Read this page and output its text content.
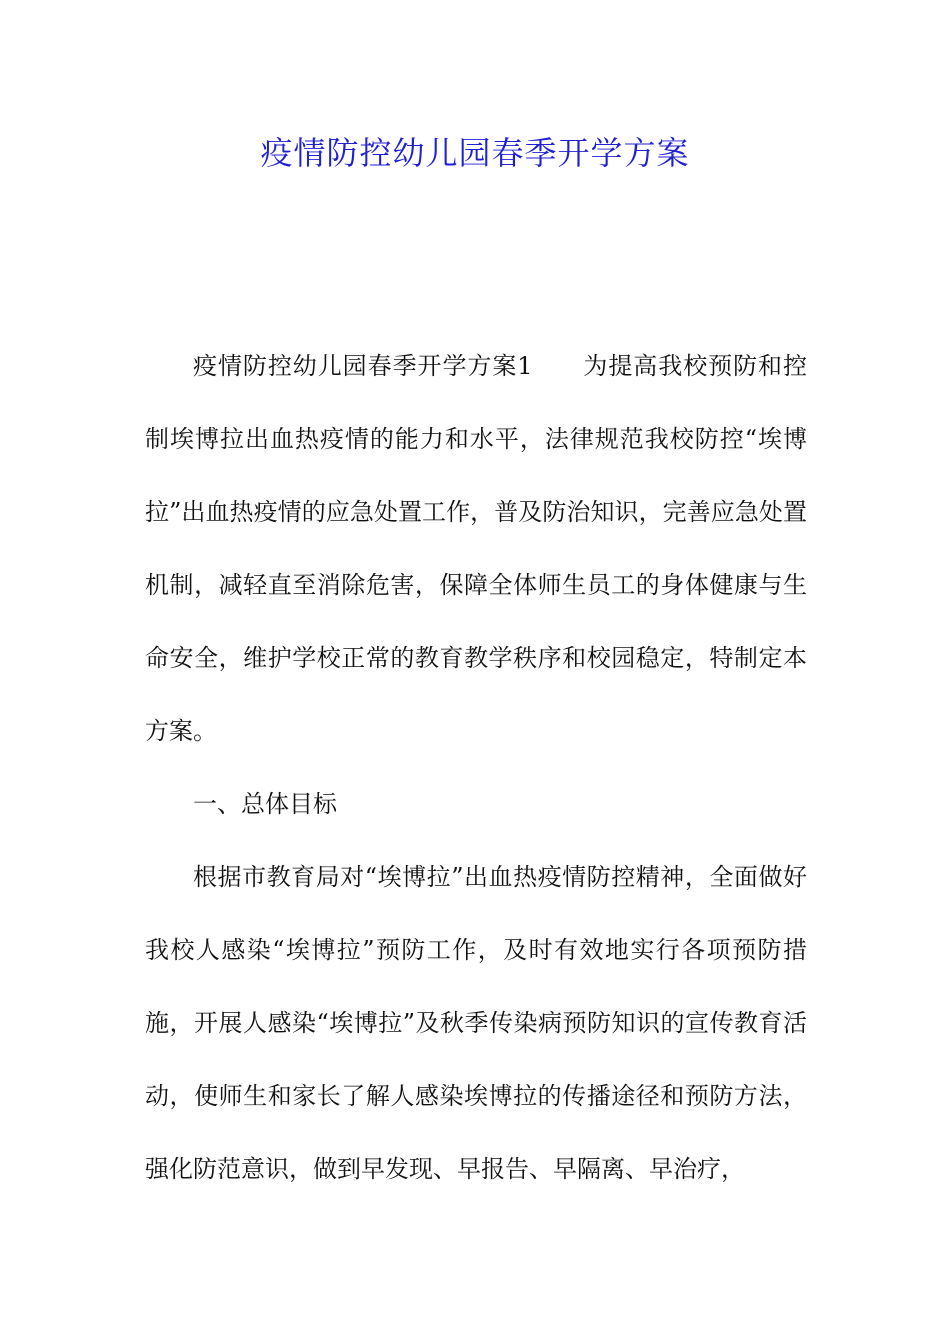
疫情防控幼儿园春季开学方案

疫情防控幼儿园春季开学方案1　　为提高我校预防和控制埃博拉出血热疫情的能力和水平，法律规范我校防控“埃博拉”出血热疫情的应急处置工作，普及防治知识，完善应急处置机制，减轻直至消除危害，保障全体师生员工的身体健康与生命安全，维护学校正常的教育教学秩序和校园稳定，特制定本方案。

一、总体目标

根据市教育局对“埃博拉”出血热疫情防控精神，全面做好我校人感染“埃博拉”预防工作，及时有效地实行各项预防措施，开展人感染“埃博拉”及秋季传染病预防知识的宣传教育活动，使师生和家长了解人感染埃博拉的传播途径和预防方法，强化防范意识，做到早发现、早报告、早隔离、早治疗，
